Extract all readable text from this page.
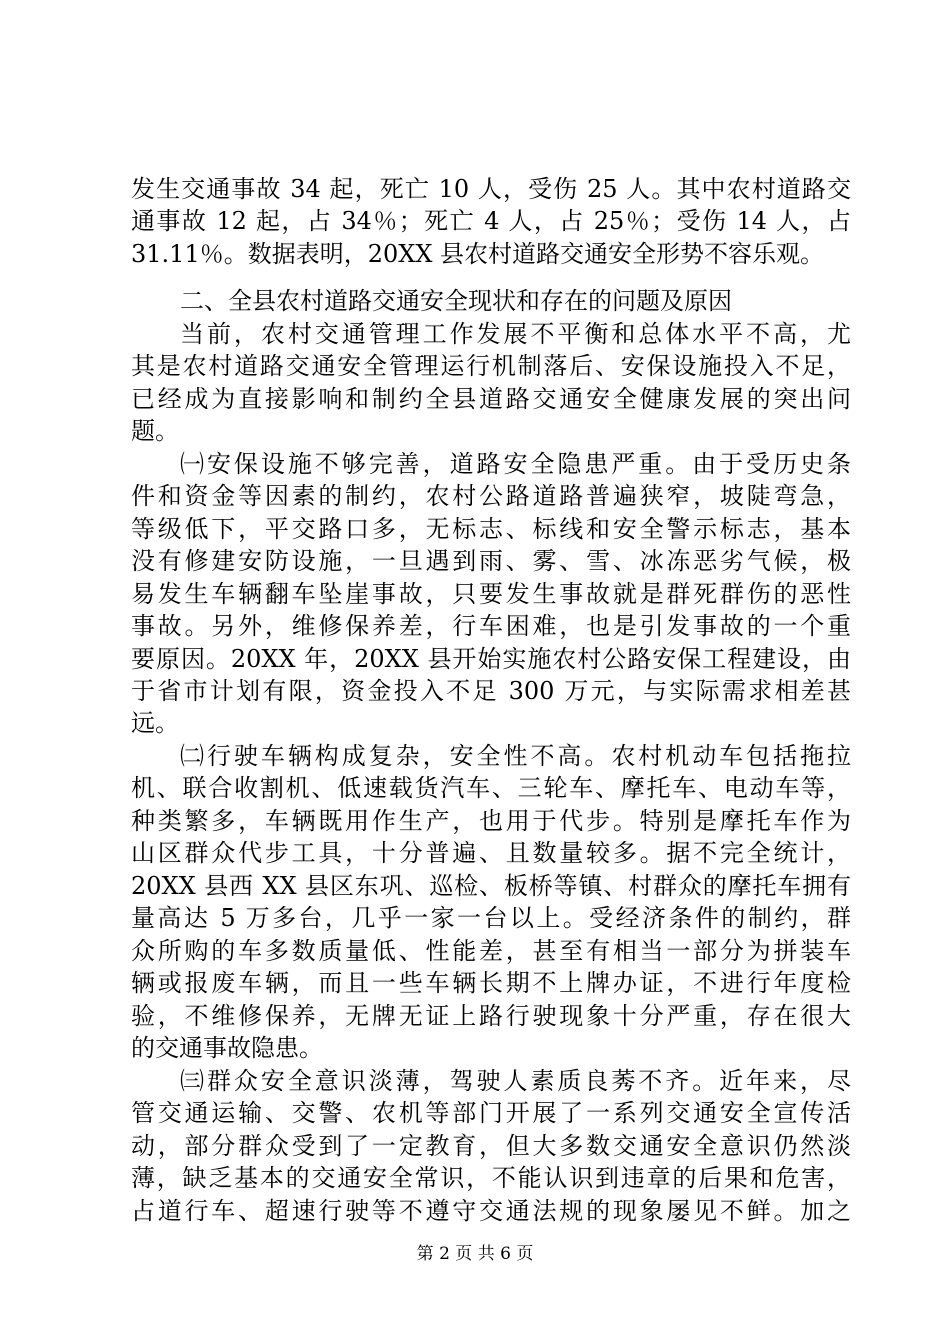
发生交通事故 34 起，死亡 10 人，受伤 25 人。其中农村道路交
通事故 12 起，占 34％；死亡 4 人，占 25％；受伤 14 人，占
31.11％。数据表明，20XX 县农村道路交通安全形势不容乐观。
二、全县农村道路交通安全现状和存在的问题及原因
当前，农村交通管理工作发展不平衡和总体水平不高，尤
其是农村道路交通安全管理运行机制落后、安保设施投入不足，
已经成为直接影响和制约全县道路交通安全健康发展的突出问
题。
㈠安保设施不够完善，道路安全隐患严重。由于受历史条
件和资金等因素的制约，农村公路道路普遍狭窄，坡陡弯急，
等级低下，平交路口多，无标志、标线和安全警示标志，基本
没有修建安防设施，一旦遇到雨、雾、雪、冰冻恶劣气候，极
易发生车辆翻车坠崖事故，只要发生事故就是群死群伤的恶性
事故。另外，维修保养差，行车困难，也是引发事故的一个重
要原因。20XX 年，20XX 县开始实施农村公路安保工程建设，由
于省市计划有限，资金投入不足 300 万元，与实际需求相差甚
远。
㈡行驶车辆构成复杂，安全性不高。农村机动车包括拖拉
机、联合收割机、低速载货汽车、三轮车、摩托车、电动车等，
种类繁多，车辆既用作生产，也用于代步。特别是摩托车作为
山区群众代步工具，十分普遍、且数量较多。据不完全统计，
20XX 县西 XX 县区东巩、巡检、板桥等镇、村群众的摩托车拥有
量高达 5 万多台，几乎一家一台以上。受经济条件的制约，群
众所购的车多数质量低、性能差，甚至有相当一部分为拼装车
辆或报废车辆，而且一些车辆长期不上牌办证，不进行年度检
验，不维修保养，无牌无证上路行驶现象十分严重，存在很大
的交通事故隐患。
㈢群众安全意识淡薄，驾驶人素质良莠不齐。近年来，尽
管交通运输、交警、农机等部门开展了一系列交通安全宣传活
动，部分群众受到了一定教育，但大多数交通安全意识仍然淡
薄，缺乏基本的交通安全常识，不能认识到违章的后果和危害，
占道行车、超速行驶等不遵守交通法规的现象屡见不鲜。加之
第 2 页 共 6 页
